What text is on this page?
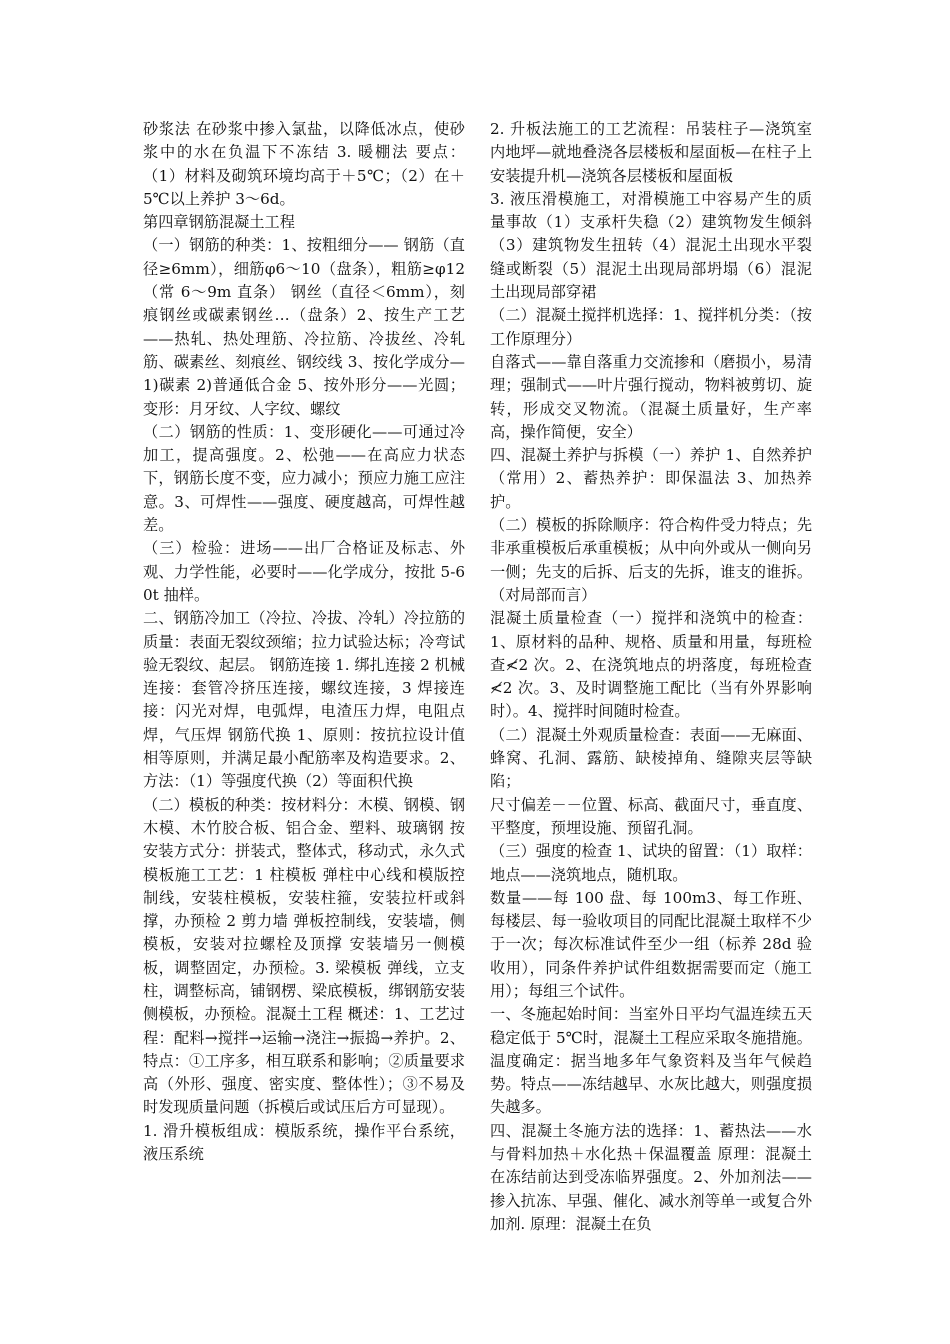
砂浆法 在砂浆中掺入氯盐，以降低冰点，使砂浆中的水在负温下不冻结 3. 暖棚法 要点： （1）材料及砌筑环境均高于＋5℃；（2）在＋5℃以上养护 3～6d。

第四章钢筋混凝土工程

（一）钢筋的种类：1、按粗细分—— 钢筋（直径≥6mm），细筋φ6～10（盘条），粗筋≥φ12（常 6～9m 直条） 钢丝（直径＜6mm），刻痕钢丝或碳素钢丝…（盘条）2、按生产工艺——热轧、热处理筋、冷拉筋、冷拔丝、冷轧筋、碳素丝、刻痕丝、钢绞线 3、按化学成分— 1)碳素 2)普通低合金 5、按外形分——光圆；变形：月牙纹、人字纹、螺纹

（二）钢筋的性质：1、变形硬化——可通过冷加工，提高强度。2、松弛——在高应力状态下，钢筋长度不变，应力减小；预应力施工应注意。3、可焊性——强度、硬度越高，可焊性越差。

（三）检验：进场——出厂合格证及标志、外观、力学性能，必要时——化学成分，按批 5-60t 抽样。

二、钢筋冷加工（冷拉、冷拔、冷轧）冷拉筋的质量：表面无裂纹颈缩；拉力试验达标；冷弯试验无裂纹、起层。 钢筋连接 1. 绑扎连接 2 机械连接：套管冷挤压连接，螺纹连接，3 焊接连接：闪光对焊，电弧焊，电渣压力焊，电阻点焊，气压焊 钢筋代换 1、原则：按抗拉设计值相等原则，并满足最小配筋率及构造要求。2、方法：（1）等强度代换（2）等面积代换

（二）模板的种类：按材料分：木模、钢模、钢木模、木竹胶合板、铝合金、塑料、玻璃钢 按安装方式分：拼装式，整体式，移动式，永久式 模板施工工艺：1 柱模板 弹柱中心线和模版控制线，安装柱模板，安装柱箍，安装拉杆或斜撑，办预检 2 剪力墙 弹板控制线，安装墙，侧模板，安装对拉螺栓及顶撑 安装墙另一侧模板，调整固定，办预检。3. 梁模板 弹线，立支柱，调整标高，铺钢楞、梁底模板，绑钢筋安装侧模板，办预检。混凝土工程 概述：1、工艺过程：配料→搅拌→运输→浇注→振捣→养护。2、特点：①工序多，相互联系和影响；②质量要求高（外形、强度、密实度、整体性）；③不易及时发现质量问题（拆模后或试压后方可显现）。

1. 滑升模板组成：模版系统，操作平台系统，液压系统

2. 升板法施工的工艺流程：吊装柱子—浇筑室内地坪—就地叠浇各层楼板和屋面板—在柱子上安装提升机—浇筑各层楼板和屋面板

3. 液压滑模施工，对滑模施工中容易产生的质量事故（1）支承杆失稳（2）建筑物发生倾斜（3）建筑物发生扭转（4）混泥土出现水平裂缝或断裂（5）混泥土出现局部坍塌（6）混泥土出现局部穿裙

（二）混凝土搅拌机选择：1、搅拌机分类：（按工作原理分）

自落式——靠自落重力交流掺和（磨损小，易清理；强制式——叶片强行搅动，物料被剪切、旋转，形成交叉物流。（混凝土质量好，生产率高，操作简便，安全）

四、混凝土养护与拆模（一）养护 1、自然养护（常用）2、蓄热养护：即保温法 3、加热养护。

（二）模板的拆除顺序：符合构件受力特点；先非承重模板后承重模板；从中向外或从一侧向另一侧；先支的后拆、后支的先拆，谁支的谁拆。（对局部而言）

混凝土质量检查（一）搅拌和浇筑中的检查：1、原材料的品种、规格、质量和用量，每班检查≮2 次。2、在浇筑地点的坍落度，每班检查≮2 次。3、及时调整施工配比（当有外界影响时）。4、搅拌时间随时检查。

（二）混凝土外观质量检查：表面——无麻面、蜂窝、孔洞、露筋、缺棱掉角、缝隙夹层等缺陷；

尺寸偏差－－位置、标高、截面尺寸，垂直度、平整度，预埋设施、预留孔洞。

（三）强度的检查 1、试块的留置：（1）取样：地点——浇筑地点，随机取。

数量——每 100 盘、每 100m3、每工作班、每楼层、每一验收项目的同配比混凝土取样不少于一次；每次标准试件至少一组（标养 28d 验收用），同条件养护试件组数据需要而定（施工用）；每组三个试件。

一、冬施起始时间：当室外日平均气温连续五天稳定低于 5℃时，混凝土工程应采取冬施措施。温度确定：据当地多年气象资料及当年气候趋势。特点——冻结越早、水灰比越大，则强度损失越多。

四、混凝土冬施方法的选择：1、蓄热法——水与骨料加热＋水化热＋保温覆盖 原理：混凝土在冻结前达到受冻临界强度。2、外加剂法——掺入抗冻、早强、催化、减水剂等单一或复合外加剂. 原理：混凝土在负
